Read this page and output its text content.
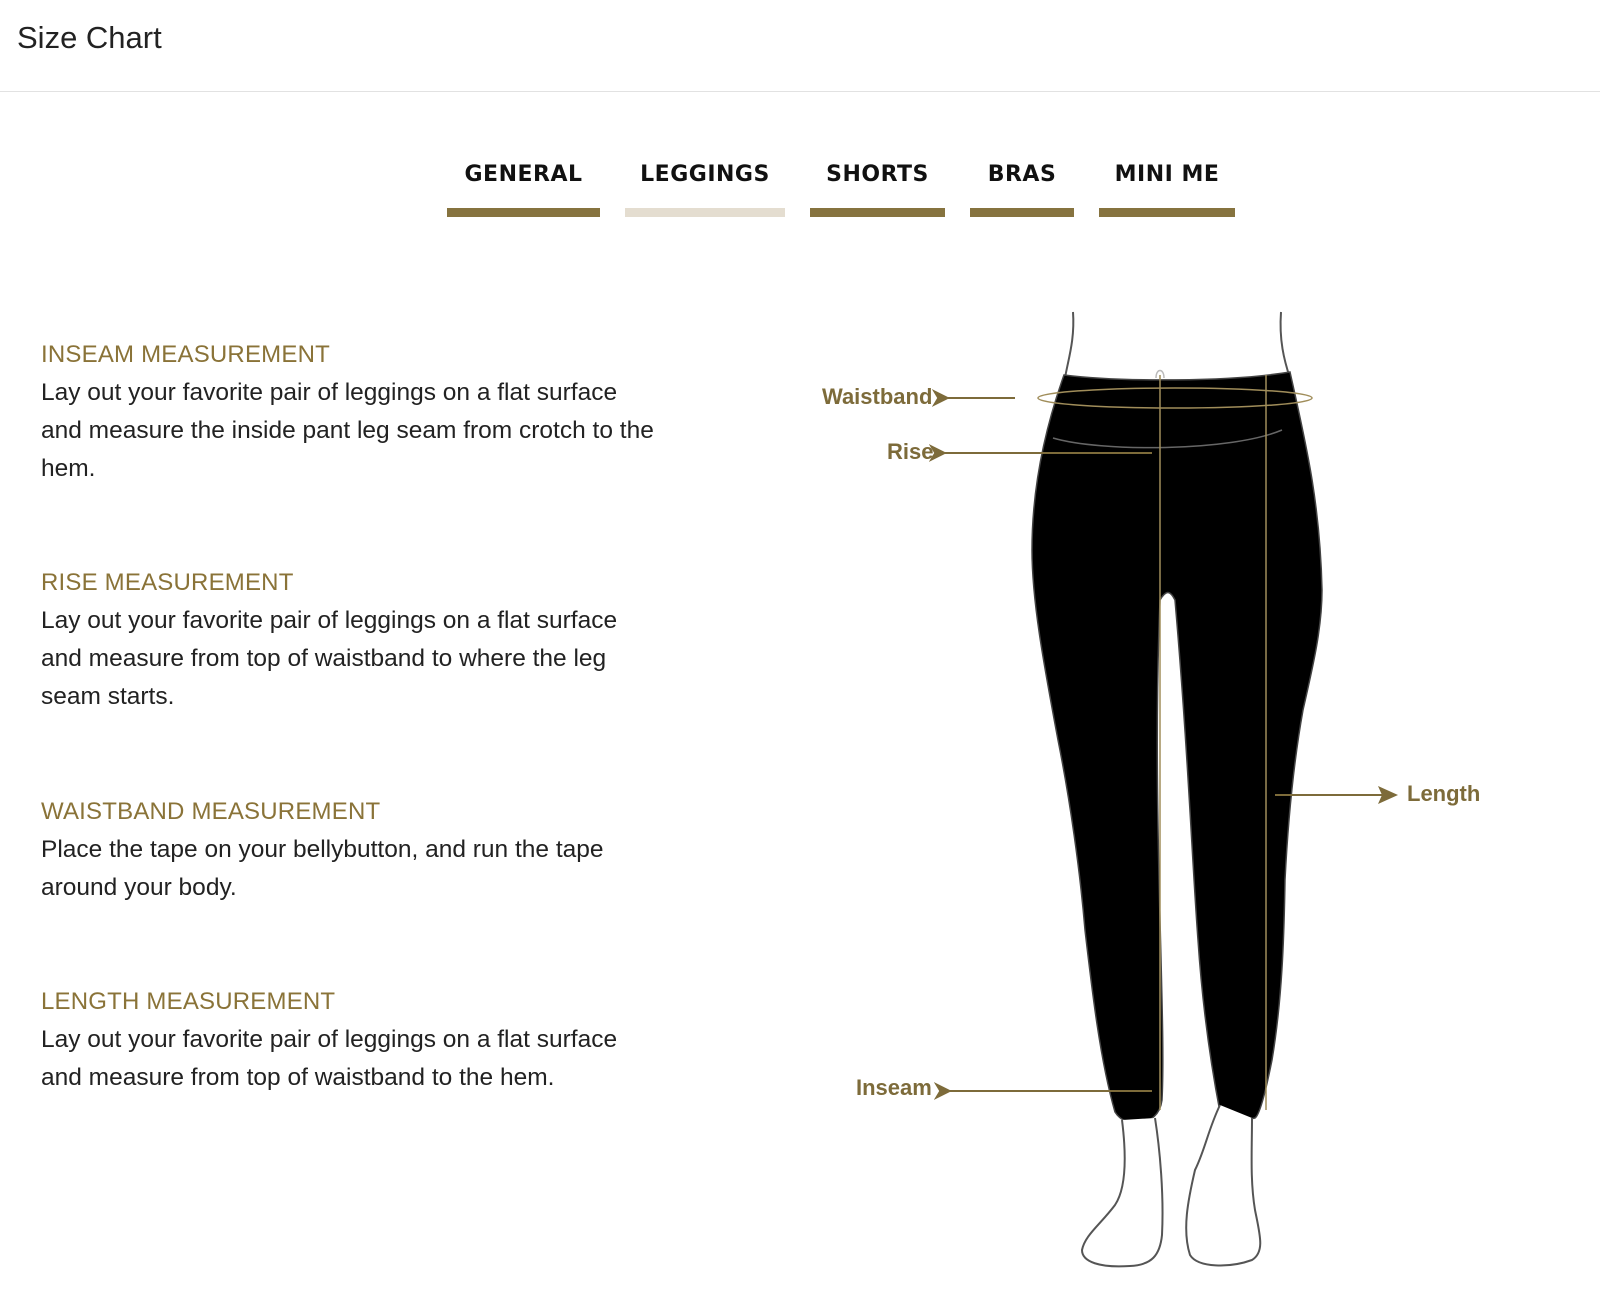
Size Chart
GENERAL	LEGGINGS	SHORTS	BRAS	MINI ME

INSEAM MEASUREMENT

Lay out your favorite pair of leggings on a flat surface and measure the inside pant leg seam from crotch to the hem.

RISE MEASUREMENT

Lay out your favorite pair of leggings on a flat surface and measure from top of waistband to where the leg seam starts.

WAISTBAND MEASUREMENT

Place the tape on your bellybutton, and run the tape around your body.

LENGTH MEASUREMENT

Lay out your favorite pair of leggings on a flat surface and measure from top of waistband to the hem.

Waistband
Rise
Length
Inseam
